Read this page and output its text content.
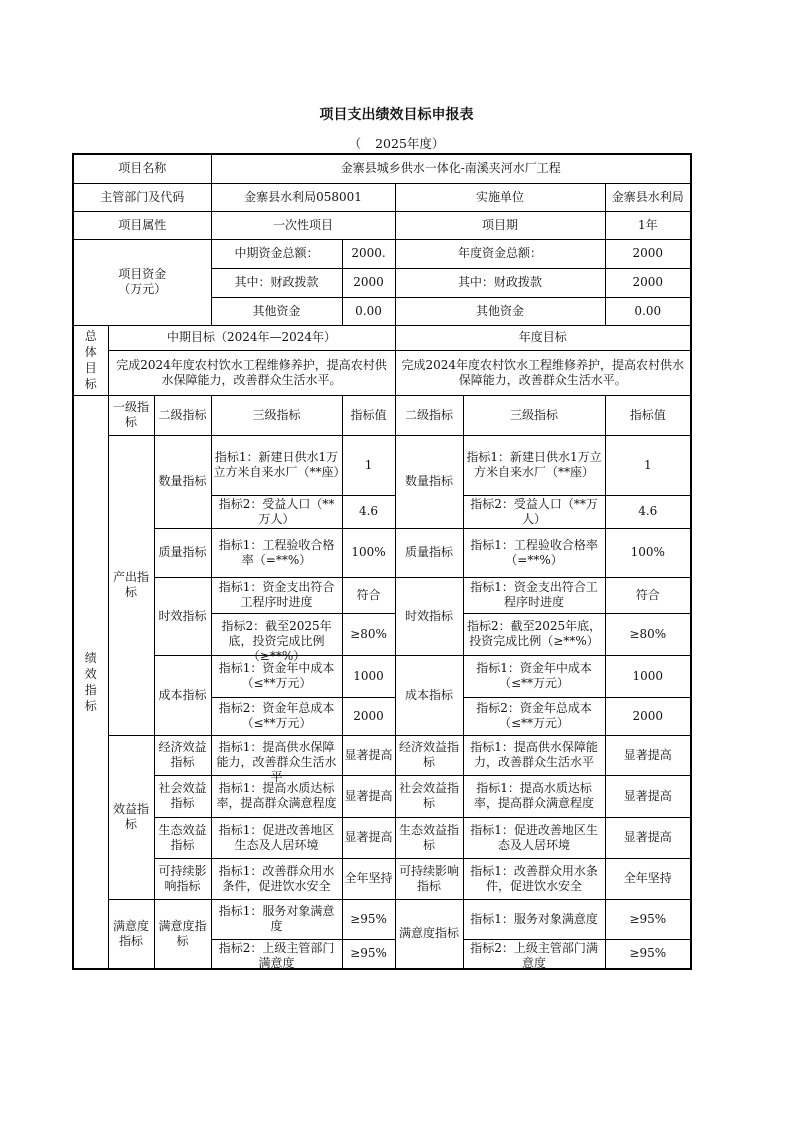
项目支出绩效目标申报表
（ 2025年度）
项目名称			金寨县城乡供水一体化-南溪夹河水厂工程				
主管部门及代码			金寨县水利局058001		实施单位		金寨县水利局
项目属性			一次性项目		项目期		1年
项目资金
（万元）			中期资金总额：	2000.	年度资金总额：		2000
			其中：财政拨款	2000	其中：财政拨款		2000
			其他资金	0.00	其他资金		0.00
总体目标	中期目标（2024年—2024年）				年度目标		
	完成2024年度农村饮水工程维修养护，提高农村供水保障能力，改善群众生活水平。				完成2024年度农村饮水工程维修养护，提高农村供水保障能力，改善群众生活水平。		
绩效指标	一级指标	二级指标	三级指标	指标值	二级指标	三级指标	指标值
	产出指标	数量指标	指标1：新建日供水1万立方米自来水厂（**座）	1	数量指标	指标1：新建日供水1万立方米自来水厂（**座）	1
			指标2：受益人口（**万人）	4.6		指标2：受益人口（**万人）	4.6
		质量指标	指标1：工程验收合格率（=**%）	100%	质量指标	指标1：工程验收合格率（=**%）	100%
		时效指标	指标1：资金支出符合工程序时进度	符合	时效指标	指标1：资金支出符合工程序时进度	符合

			指标2：截至2025年底，投资完成比例（≥**%）	≥80%		指标2：截至2025年底，投资完成比例（≥**%）	≥80%
		成本指标	指标1：资金年中成本（≤**万元）	1000	成本指标	指标1：资金年中成本（≤**万元）	1000
			指标2：资金年总成本（≤**万元）	2000		指标2：资金年总成本（≤**万元）	2000

	效益指标	经济效益指标	指标1：提高供水保障能力，改善群众生活水平	显著提高	经济效益指标	指标1：提高供水保障能力，改善群众生活水平	显著提高
		社会效益指标	指标1：提高水质达标率，提高群众满意程度	显著提高	社会效益指标	指标1：提高水质达标率，提高群众满意程度	显著提高
		生态效益指标	指标1：促进改善地区生态及人居环境	显著提高	生态效益指标	指标1：促进改善地区生态及人居环境	显著提高
		可持续影响指标	指标1：改善群众用水条件，促进饮水安全	全年坚持	可持续影响指标	指标1：改善群众用水条件，促进饮水安全	全年坚持
	满意度指标	满意度指标	指标1：服务对象满意度	≥95%	满意度指标	指标1：服务对象满意度	≥95%

			指标2：上级主管部门满意度	≥95%		指标2：上级主管部门满意度	≥95%
